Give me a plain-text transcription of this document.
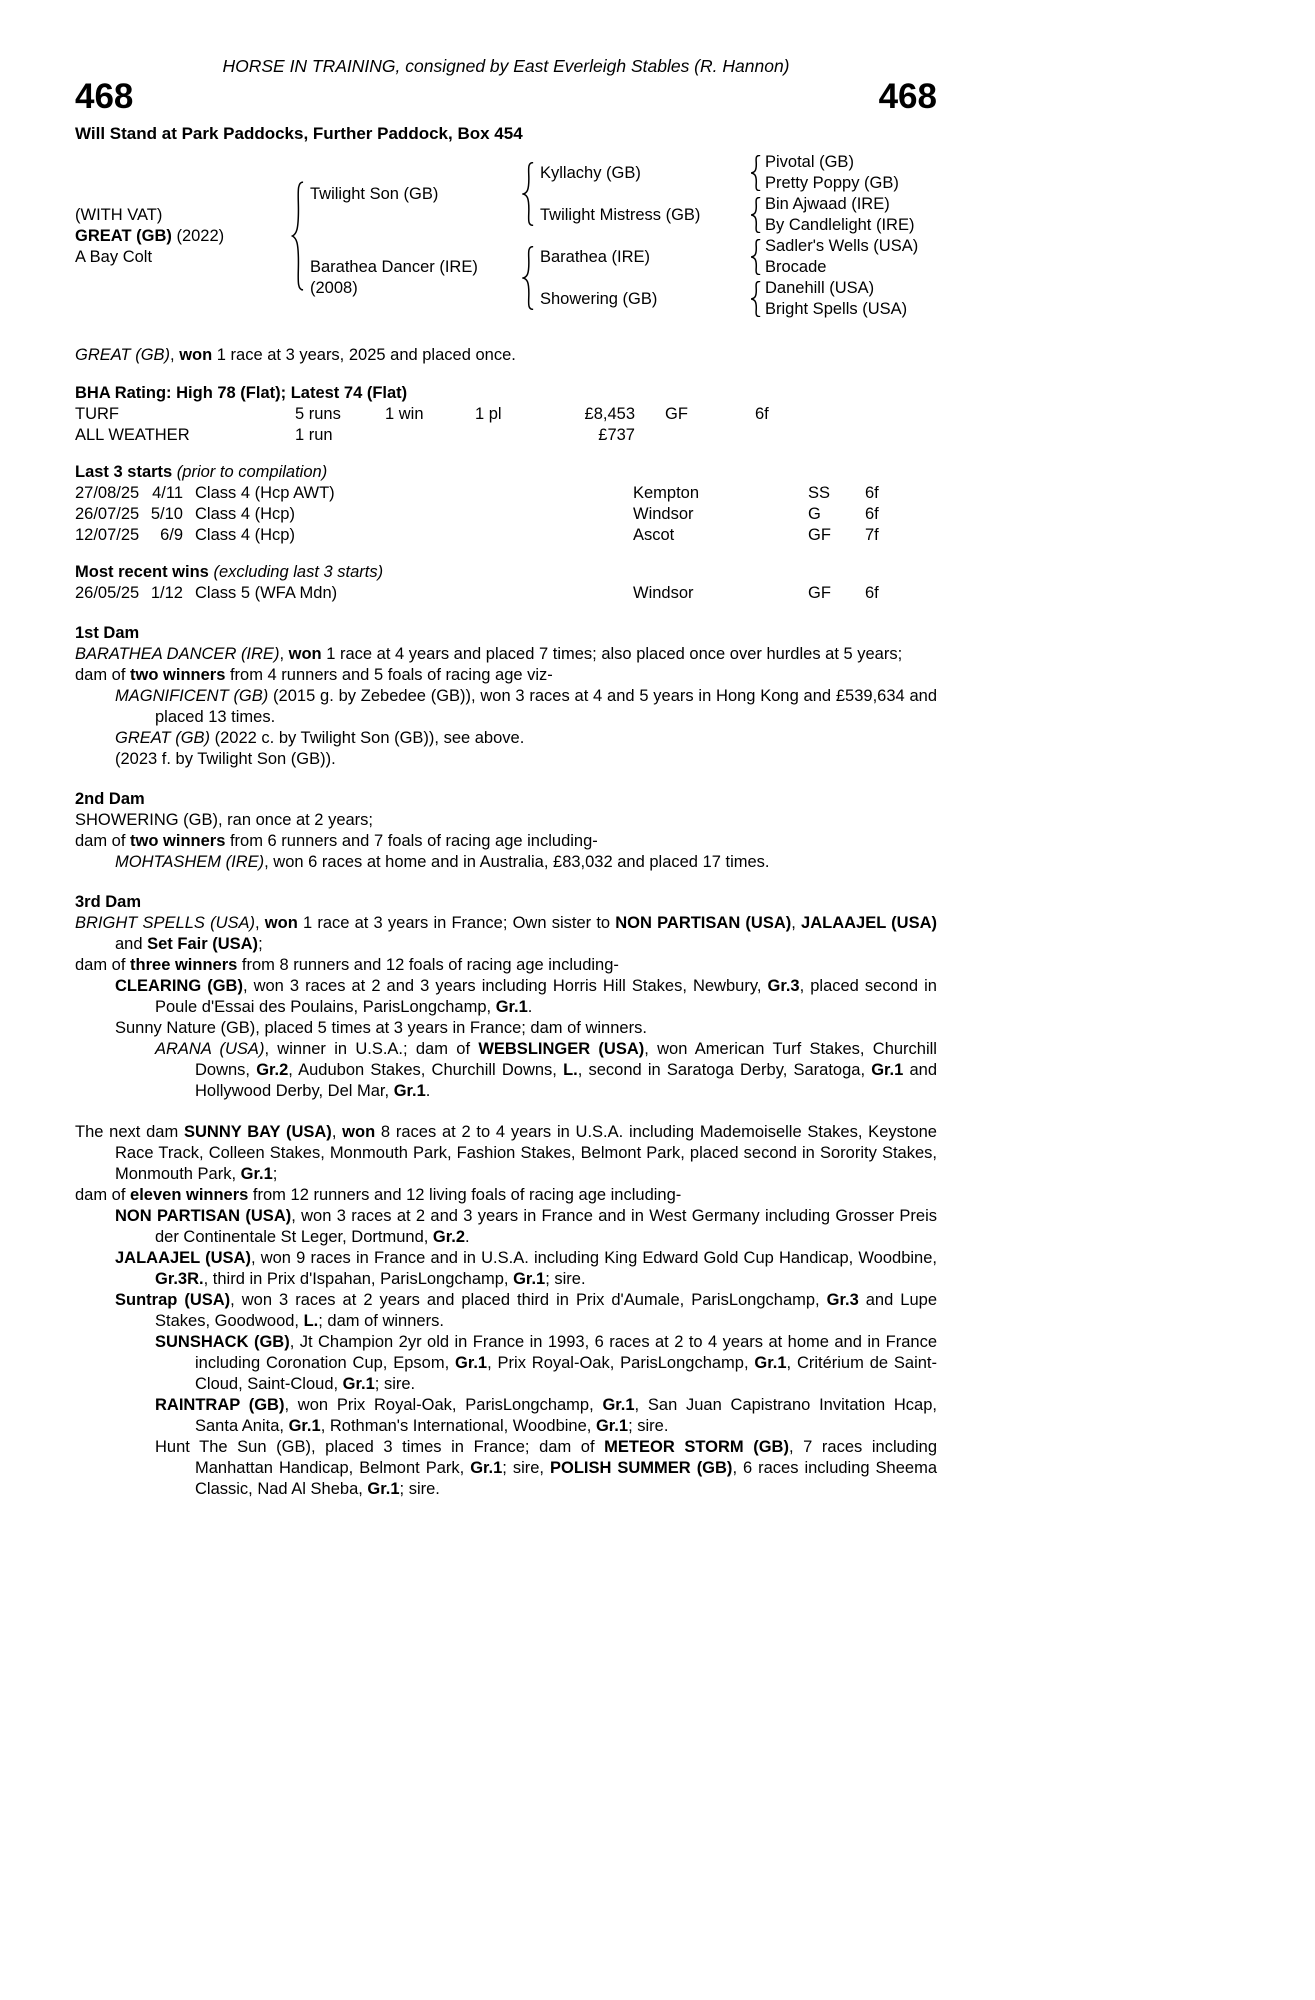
HORSE IN TRAINING, consigned by East Everleigh Stables (R. Hannon)
468	468
Will Stand at Park Paddocks, Further Paddock, Box 454
(WITH VAT)
GREAT (GB) (2022)
A Bay Colt
Twilight Son (GB)
Barathea Dancer (IRE)
(2008)
Kyllachy (GB)
Twilight Mistress (GB)
Barathea (IRE)
Showering (GB)
Pivotal (GB)
Pretty Poppy (GB)
Bin Ajwaad (IRE)
By Candlelight (IRE)
Sadler's Wells (USA)
Brocade
Danehill (USA)
Bright Spells (USA)

GREAT (GB), won 1 race at 3 years, 2025 and placed once.

BHA Rating: High 78 (Flat); Latest 74 (Flat)

TURF	5 runs	1 win	1 pl	£8,453	GF	6f
ALL WEATHER	1 run	£737

Last 3 starts (prior to compilation)

27/08/25 4/11 Class 4 (Hcp AWT)	Kempton	SS	6f
26/07/25 5/10 Class 4 (Hcp)	Windsor	G	6f
12/07/25	6/9 Class 4 (Hcp)	Ascot	GF	7f

Most recent wins (excluding last 3 starts)

26/05/25 1/12 Class 5 (WFA Mdn)	Windsor	GF	6f

1st Dam

BARATHEA DANCER (IRE), won 1 race at 4 years and placed 7 times; also placed once over hurdles at 5 years;

dam of two winners from 4 runners and 5 foals of racing age viz-

MAGNIFICENT (GB) (2015 g. by Zebedee (GB)), won 3 races at 4 and 5 years in Hong Kong and £539,634 and placed 13 times.

GREAT (GB) (2022 c. by Twilight Son (GB)), see above.

(2023 f. by Twilight Son (GB)).

2nd Dam

SHOWERING (GB), ran once at 2 years;

dam of two winners from 6 runners and 7 foals of racing age including-

MOHTASHEM (IRE), won 6 races at home and in Australia, £83,032 and placed 17 times.

3rd Dam

BRIGHT SPELLS (USA), won 1 race at 3 years in France; Own sister to NON PARTISAN (USA), JALAAJEL (USA) and Set Fair (USA);

dam of three winners from 8 runners and 12 foals of racing age including-

CLEARING (GB), won 3 races at 2 and 3 years including Horris Hill Stakes, Newbury, Gr.3, placed second in Poule d'Essai des Poulains, ParisLongchamp, Gr.1.

Sunny Nature (GB), placed 5 times at 3 years in France; dam of winners.

ARANA (USA), winner in U.S.A.; dam of WEBSLINGER (USA), won American Turf Stakes, Churchill Downs, Gr.2, Audubon Stakes, Churchill Downs, L., second in Saratoga Derby, Saratoga, Gr.1 and Hollywood Derby, Del Mar, Gr.1.

The next dam SUNNY BAY (USA), won 8 races at 2 to 4 years in U.S.A. including Mademoiselle Stakes, Keystone Race Track, Colleen Stakes, Monmouth Park, Fashion Stakes, Belmont Park, placed second in Sorority Stakes, Monmouth Park, Gr.1;

dam of eleven winners from 12 runners and 12 living foals of racing age including-

NON PARTISAN (USA), won 3 races at 2 and 3 years in France and in West Germany including Grosser Preis der Continentale St Leger, Dortmund, Gr.2.

JALAAJEL (USA), won 9 races in France and in U.S.A. including King Edward Gold Cup Handicap, Woodbine, Gr.3R., third in Prix d'Ispahan, ParisLongchamp, Gr.1; sire.

Suntrap (USA), won 3 races at 2 years and placed third in Prix d'Aumale, ParisLongchamp, Gr.3 and Lupe Stakes, Goodwood, L.; dam of winners.

SUNSHACK (GB), Jt Champion 2yr old in France in 1993, 6 races at 2 to 4 years at home and in France including Coronation Cup, Epsom, Gr.1, Prix Royal-Oak, ParisLongchamp, Gr.1, Critérium de Saint-Cloud, Saint-Cloud, Gr.1; sire.

RAINTRAP (GB), won Prix Royal-Oak, ParisLongchamp, Gr.1, San Juan Capistrano Invitation Hcap, Santa Anita, Gr.1, Rothman's International, Woodbine, Gr.1; sire.

Hunt The Sun (GB), placed 3 times in France; dam of METEOR STORM (GB), 7 races including Manhattan Handicap, Belmont Park, Gr.1; sire, POLISH SUMMER (GB), 6 races including Sheema Classic, Nad Al Sheba, Gr.1; sire.
